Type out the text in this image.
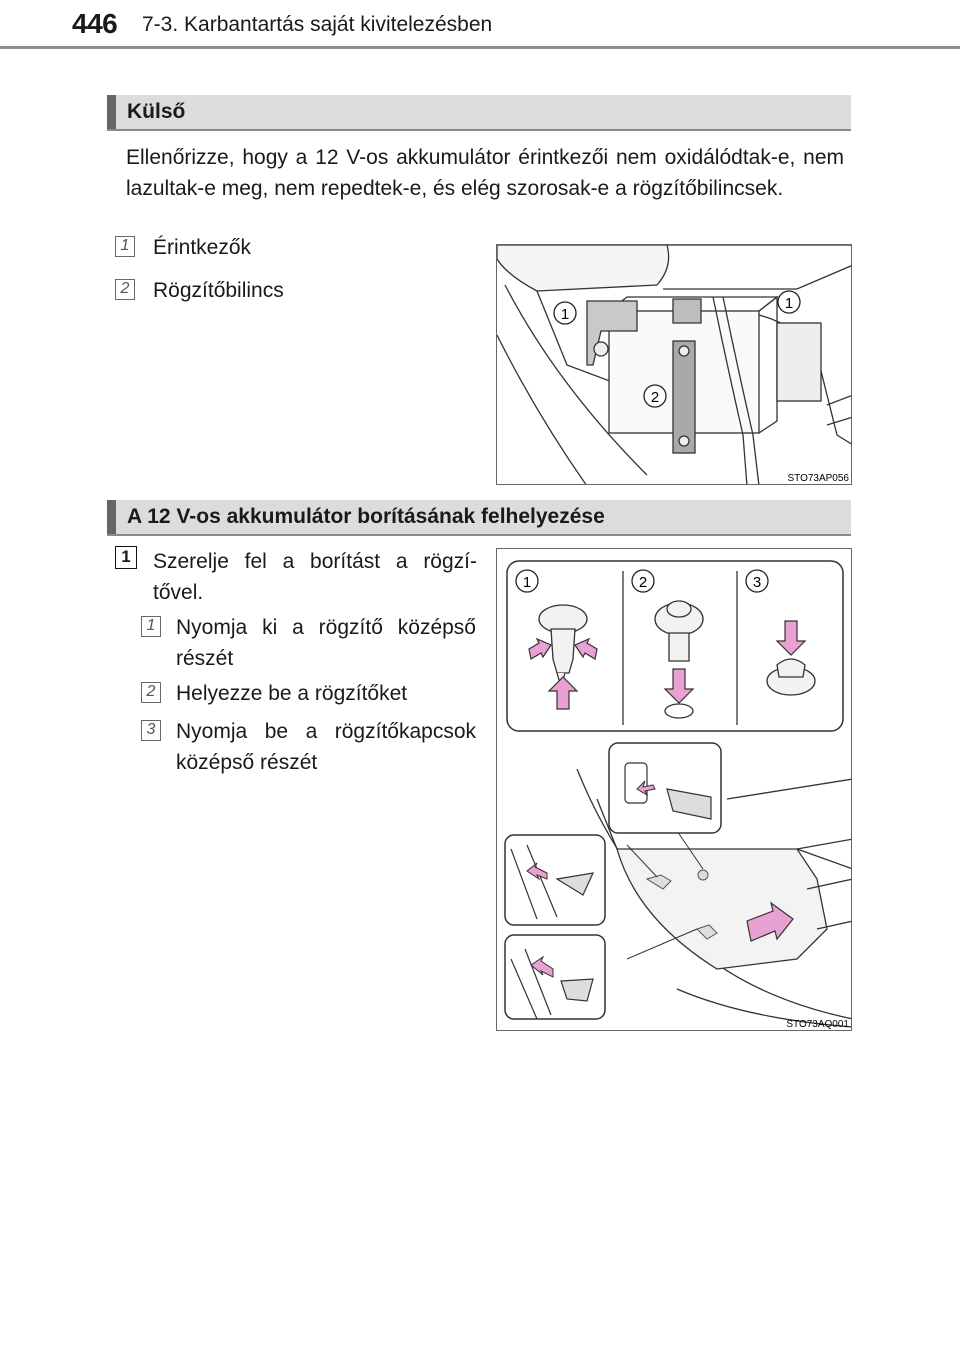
446 7-3. Karbantartás saját kivitelezésben
Külső
Ellenőrizze, hogy a 12 V-os akkumulátor érintkezői nem oxidálódtak-e, nem lazultak-e meg, nem repedtek-e, és elég szorosak-e a rögzítőbilincsek.
1 Érintkezők
2 Rögzítőbilincs
1
1
2
STO73AP056
A 12 V-os akkumulátor borításának felhelyezése
1 Szerelje fel a borítást a rögzí-
tővel.
1 Nyomja ki a rögzítő középső
részét
2 Helyezze be a rögzítőket
3 Nyomja be a rögzítőkapcsok
középső részét
1	2	3
STO73AQ001
